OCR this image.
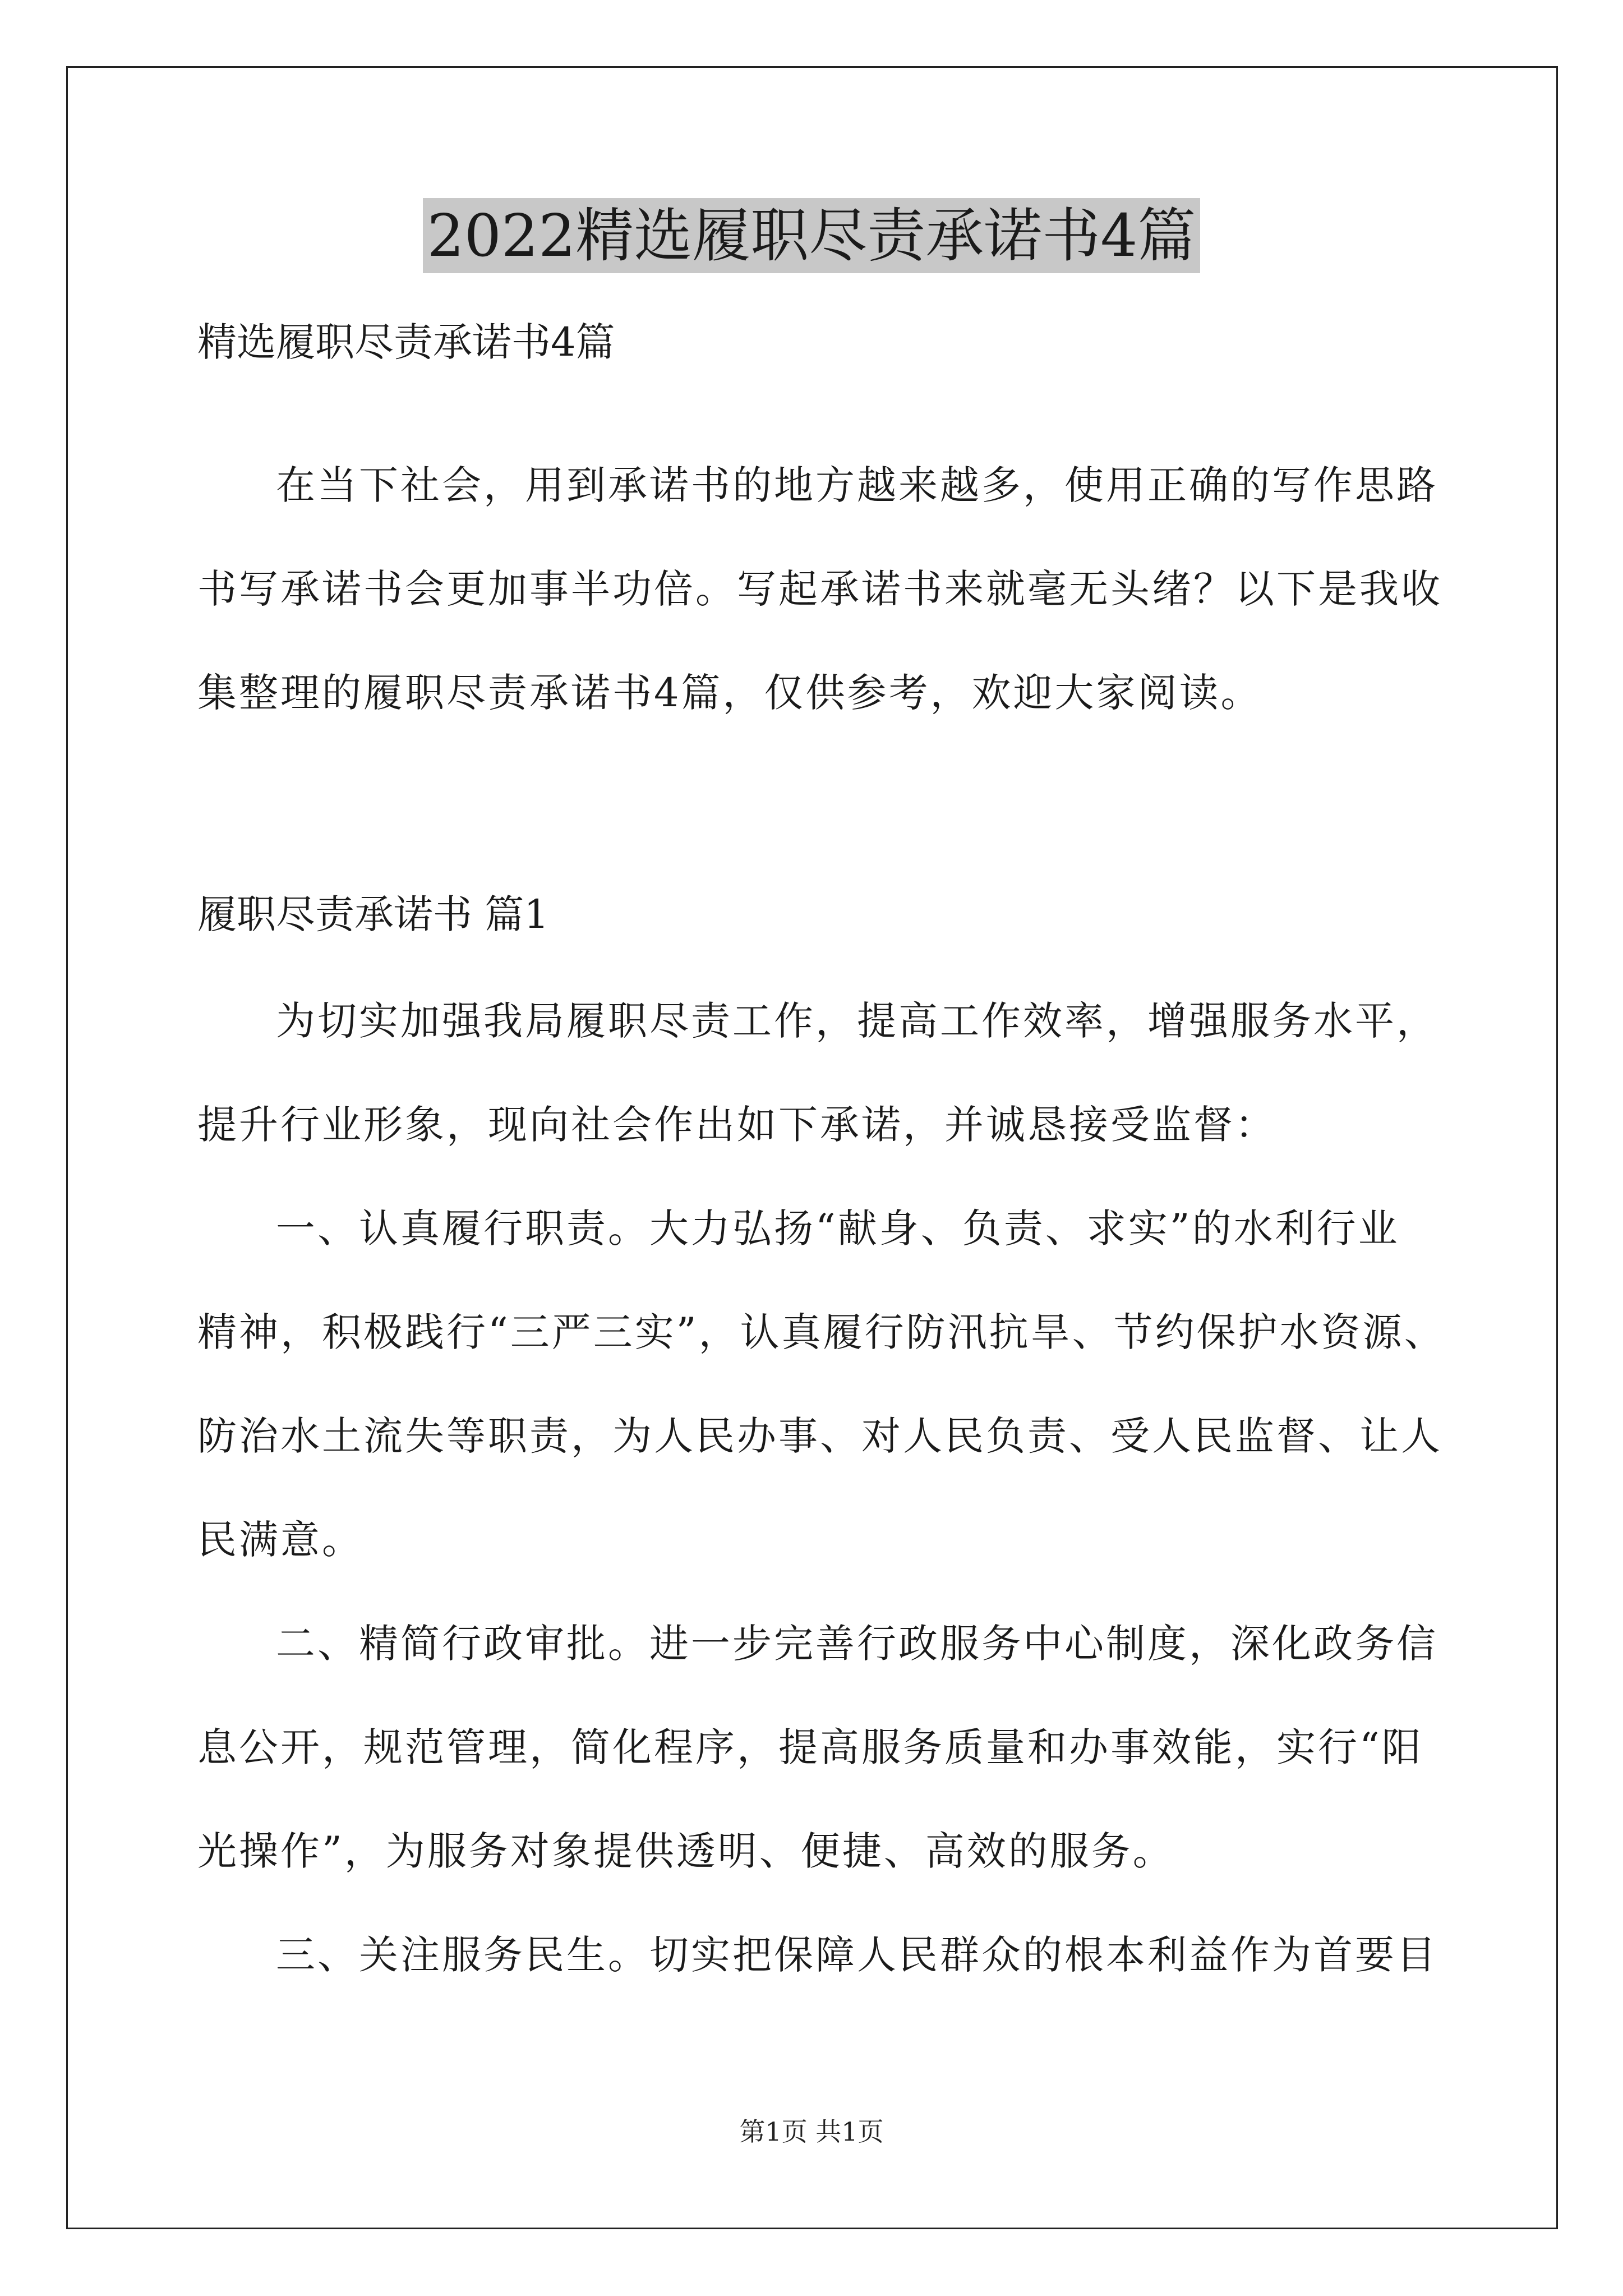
2022精选履职尽责承诺书4篇

精选履职尽责承诺书4篇

在当下社会，用到承诺书的地方越来越多，使用正确的写作思路

书写承诺书会更加事半功倍。写起承诺书来就毫无头绪？以下是我收

集整理的履职尽责承诺书4篇，仅供参考，欢迎大家阅读。

履职尽责承诺书 篇1

为切实加强我局履职尽责工作，提高工作效率，增强服务水平，

提升行业形象，现向社会作出如下承诺，并诚恳接受监督：

一、认真履行职责。大力弘扬“献身、负责、求实”的水利行业

精神，积极践行“三严三实”，认真履行防汛抗旱、节约保护水资源、

防治水土流失等职责，为人民办事、对人民负责、受人民监督、让人

民满意。

二、精简行政审批。进一步完善行政服务中心制度，深化政务信

息公开，规范管理，简化程序，提高服务质量和办事效能，实行“阳

光操作”，为服务对象提供透明、便捷、高效的服务。

三、关注服务民生。切实把保障人民群众的根本利益作为首要目

第1页 共1页
